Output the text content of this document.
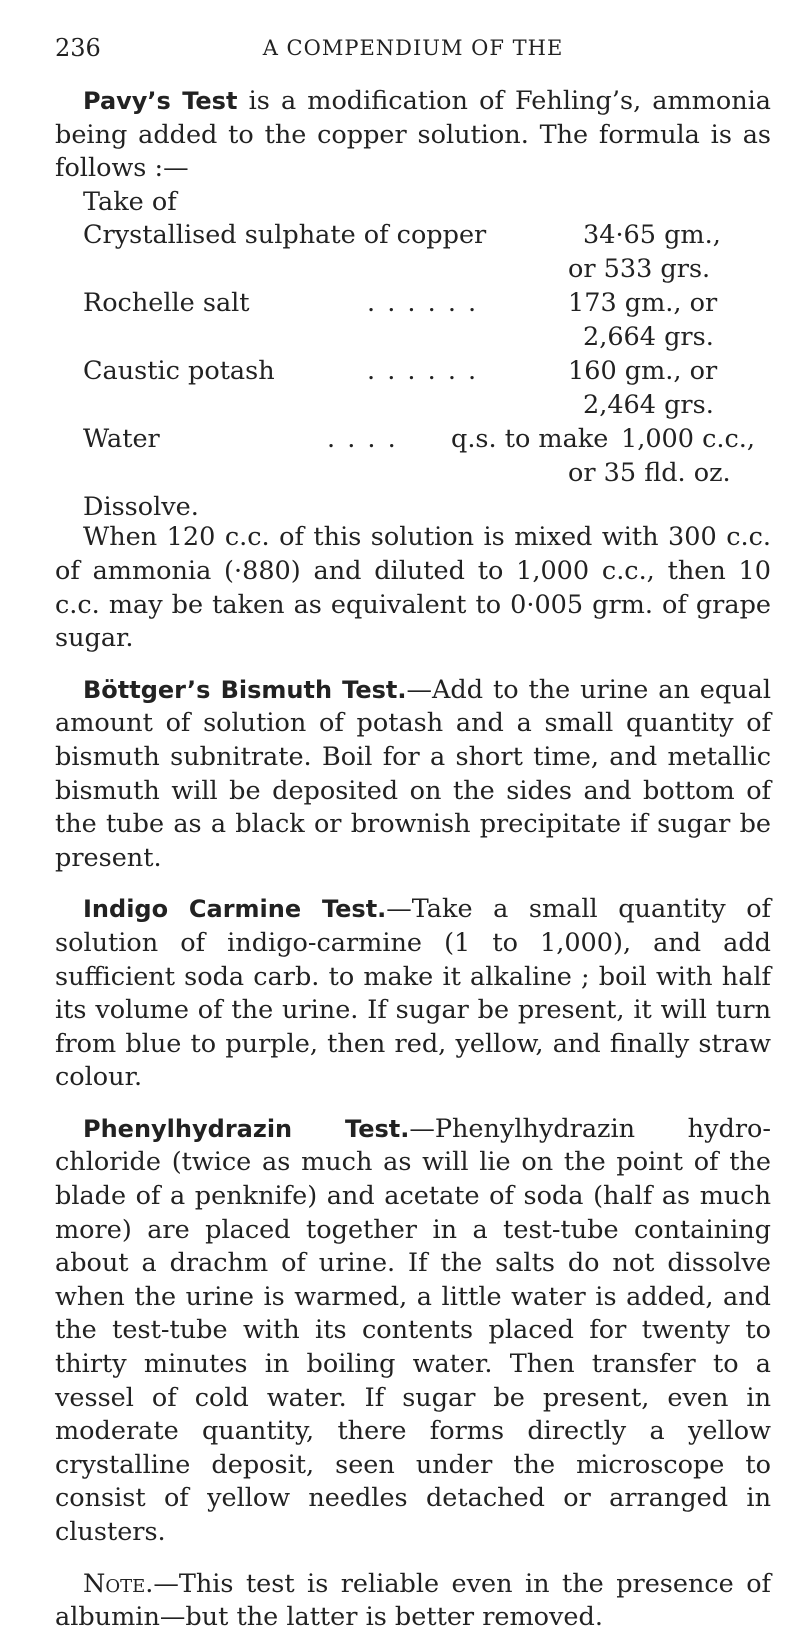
236	A COMPENDIUM OF THE

Pavy’s Test is a modification of Fehling’s, ammonia being added to the copper solution. The formula is as follows :—

Take of
Crystallised sulphate of copper	34·65 gm.,
or 533 grs.
Rochelle salt	. . . . . .	173 gm., or
2,664 grs.
Caustic potash	. . . . . .	160 gm., or
2,464 grs.
Water	. . . . q.s. to make 1,000 c.c.,
or 35 fld. oz.
Dissolve.

When 120 c.c. of this solution is mixed with 300 c.c. of ammonia (·880) and diluted to 1,000 c.c., then 10 c.c. may be taken as equivalent to 0·005 grm. of grape sugar.

Böttger’s Bismuth Test.—Add to the urine an equal amount of solution of potash and a small quantity of bismuth subnitrate. Boil for a short time, and metallic bismuth will be deposited on the sides and bottom of the tube as a black or brownish precipitate if sugar be present.

Indigo Carmine Test.—Take a small quantity of solution of indigo-carmine (1 to 1,000), and add sufficient soda carb. to make it alkaline ; boil with half its volume of the urine. If sugar be present, it will turn from blue to purple, then red, yellow, and finally straw colour.

Phenylhydrazin Test.—Phenylhydrazin hydro-chloride (twice as much as will lie on the point of the blade of a penknife) and acetate of soda (half as much more) are placed together in a test-tube containing about a drachm of urine. If the salts do not dissolve when the urine is warmed, a little water is added, and the test-tube with its contents placed for twenty to thirty minutes in boiling water. Then transfer to a vessel of cold water. If sugar be present, even in moderate quantity, there forms directly a yellow crystalline deposit, seen under the microscope to consist of yellow needles detached or arranged in clusters.

Note.—This test is reliable even in the presence of albumin—but the latter is better removed.
